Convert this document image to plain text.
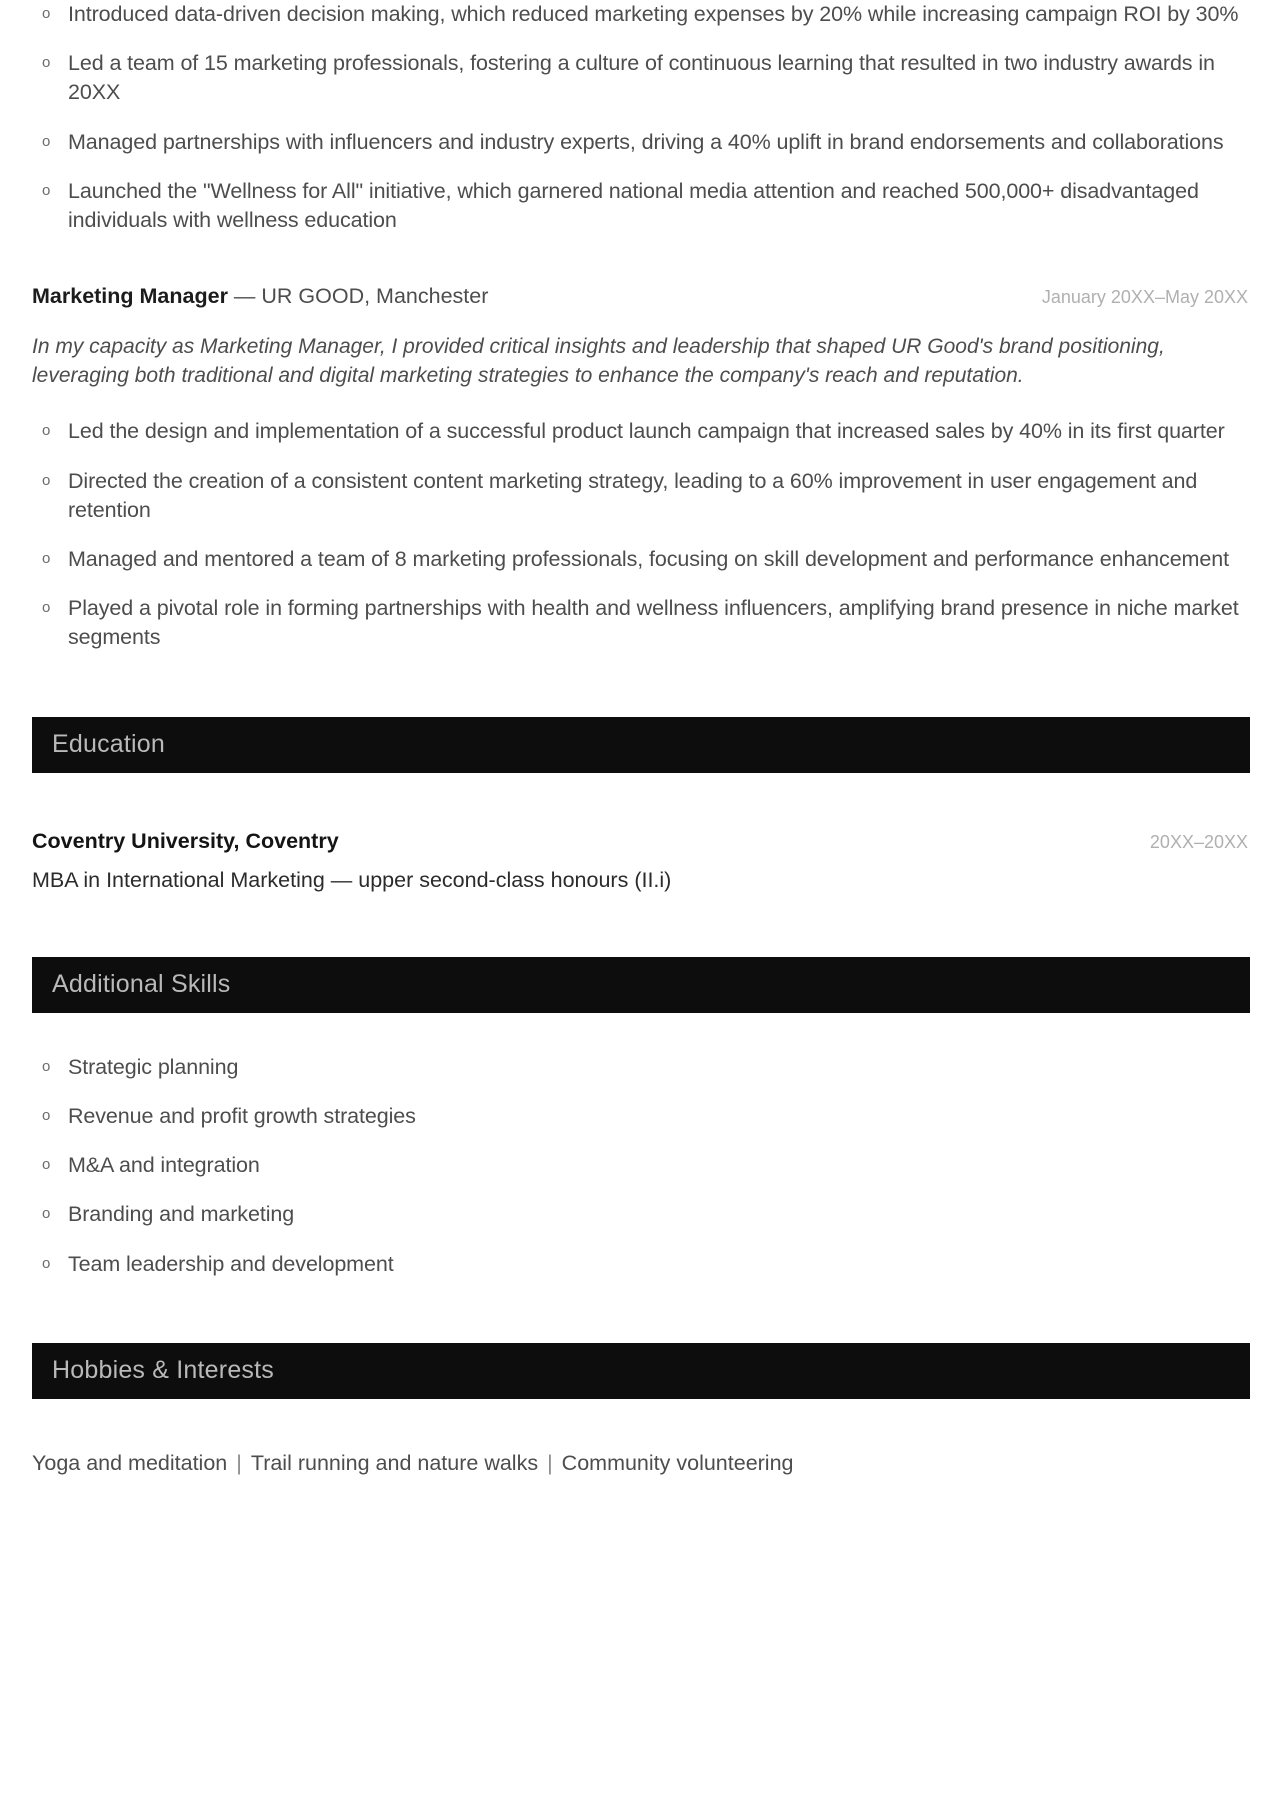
o Introduced data-driven decision making, which reduced marketing expenses by 20% while increasing campaign ROI by 30%
o Led a team of 15 marketing professionals, fostering a culture of continuous learning that resulted in two industry awards in 20XX
o Managed partnerships with influencers and industry experts, driving a 40% uplift in brand endorsements and collaborations
o Launched the "Wellness for All" initiative, which garnered national media attention and reached 500,000+ disadvantaged individuals with wellness education
Marketing Manager — UR GOOD, Manchester	January 20XX–May 20XX

In my capacity as Marketing Manager, I provided critical insights and leadership that shaped UR Good's brand positioning, leveraging both traditional and digital marketing strategies to enhance the company's reach and reputation.

o Led the design and implementation of a successful product launch campaign that increased sales by 40% in its first quarter
o Directed the creation of a consistent content marketing strategy, leading to a 60% improvement in user engagement and retention
o Managed and mentored a team of 8 marketing professionals, focusing on skill development and performance enhancement
o Played a pivotal role in forming partnerships with health and wellness influencers, amplifying brand presence in niche market segments
Education
Coventry University, Coventry	20XX–20XX
MBA in International Marketing — upper second-class honours (II.i)
Additional Skills
o Strategic planning
o Revenue and profit growth strategies
o M&A and integration
o Branding and marketing
o Team leadership and development
Hobbies & Interests
Yoga and meditation | Trail running and nature walks | Community volunteering
